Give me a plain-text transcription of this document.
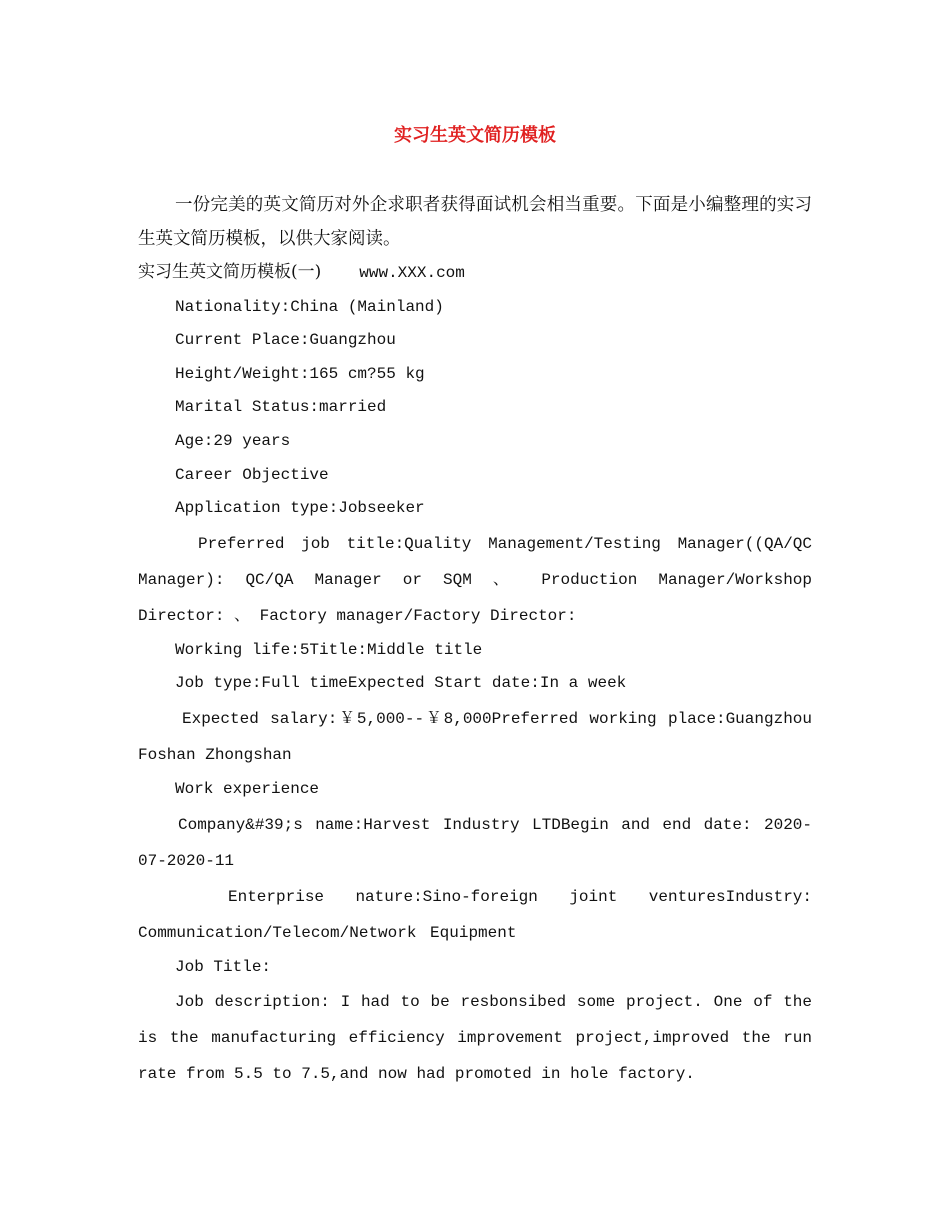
实习生英文简历模板

一份完美的英文简历对外企求职者获得面试机会相当重要。下面是小编整理的实习生英文简历模板，以供大家阅读。

实习生英文简历模板(一) www.XXX.com

Nationality:China (Mainland)

Current Place:Guangzhou

Height/Weight:165 cm?55 kg

Marital Status:married

Age:29 years

Career Objective

Application type:Jobseeker

Preferred job title:Quality Management/Testing Manager((QA/QC Manager): QC/QA Manager or SQM 、 Production Manager/Workshop Director: 、 Factory manager/Factory Director:

Working life:5Title:Middle title

Job type:Full timeExpected Start date:In a week

Expected salary:￥5,000--￥8,000Preferred working place:Guangzhou Foshan Zhongshan

Work experience

Company&#39;s name:Harvest Industry LTDBegin and end date: 2020-07-2020-11

Enterprise nature:Sino-foreign joint venturesIndustry: Communication/Telecom/Network Equipment

Job Title:

Job description: I had to be resbonsibed some project. One of the is the manufacturing efficiency improvement project,improved the run rate from 5.5 to 7.5,and now had promoted in hole factory.
